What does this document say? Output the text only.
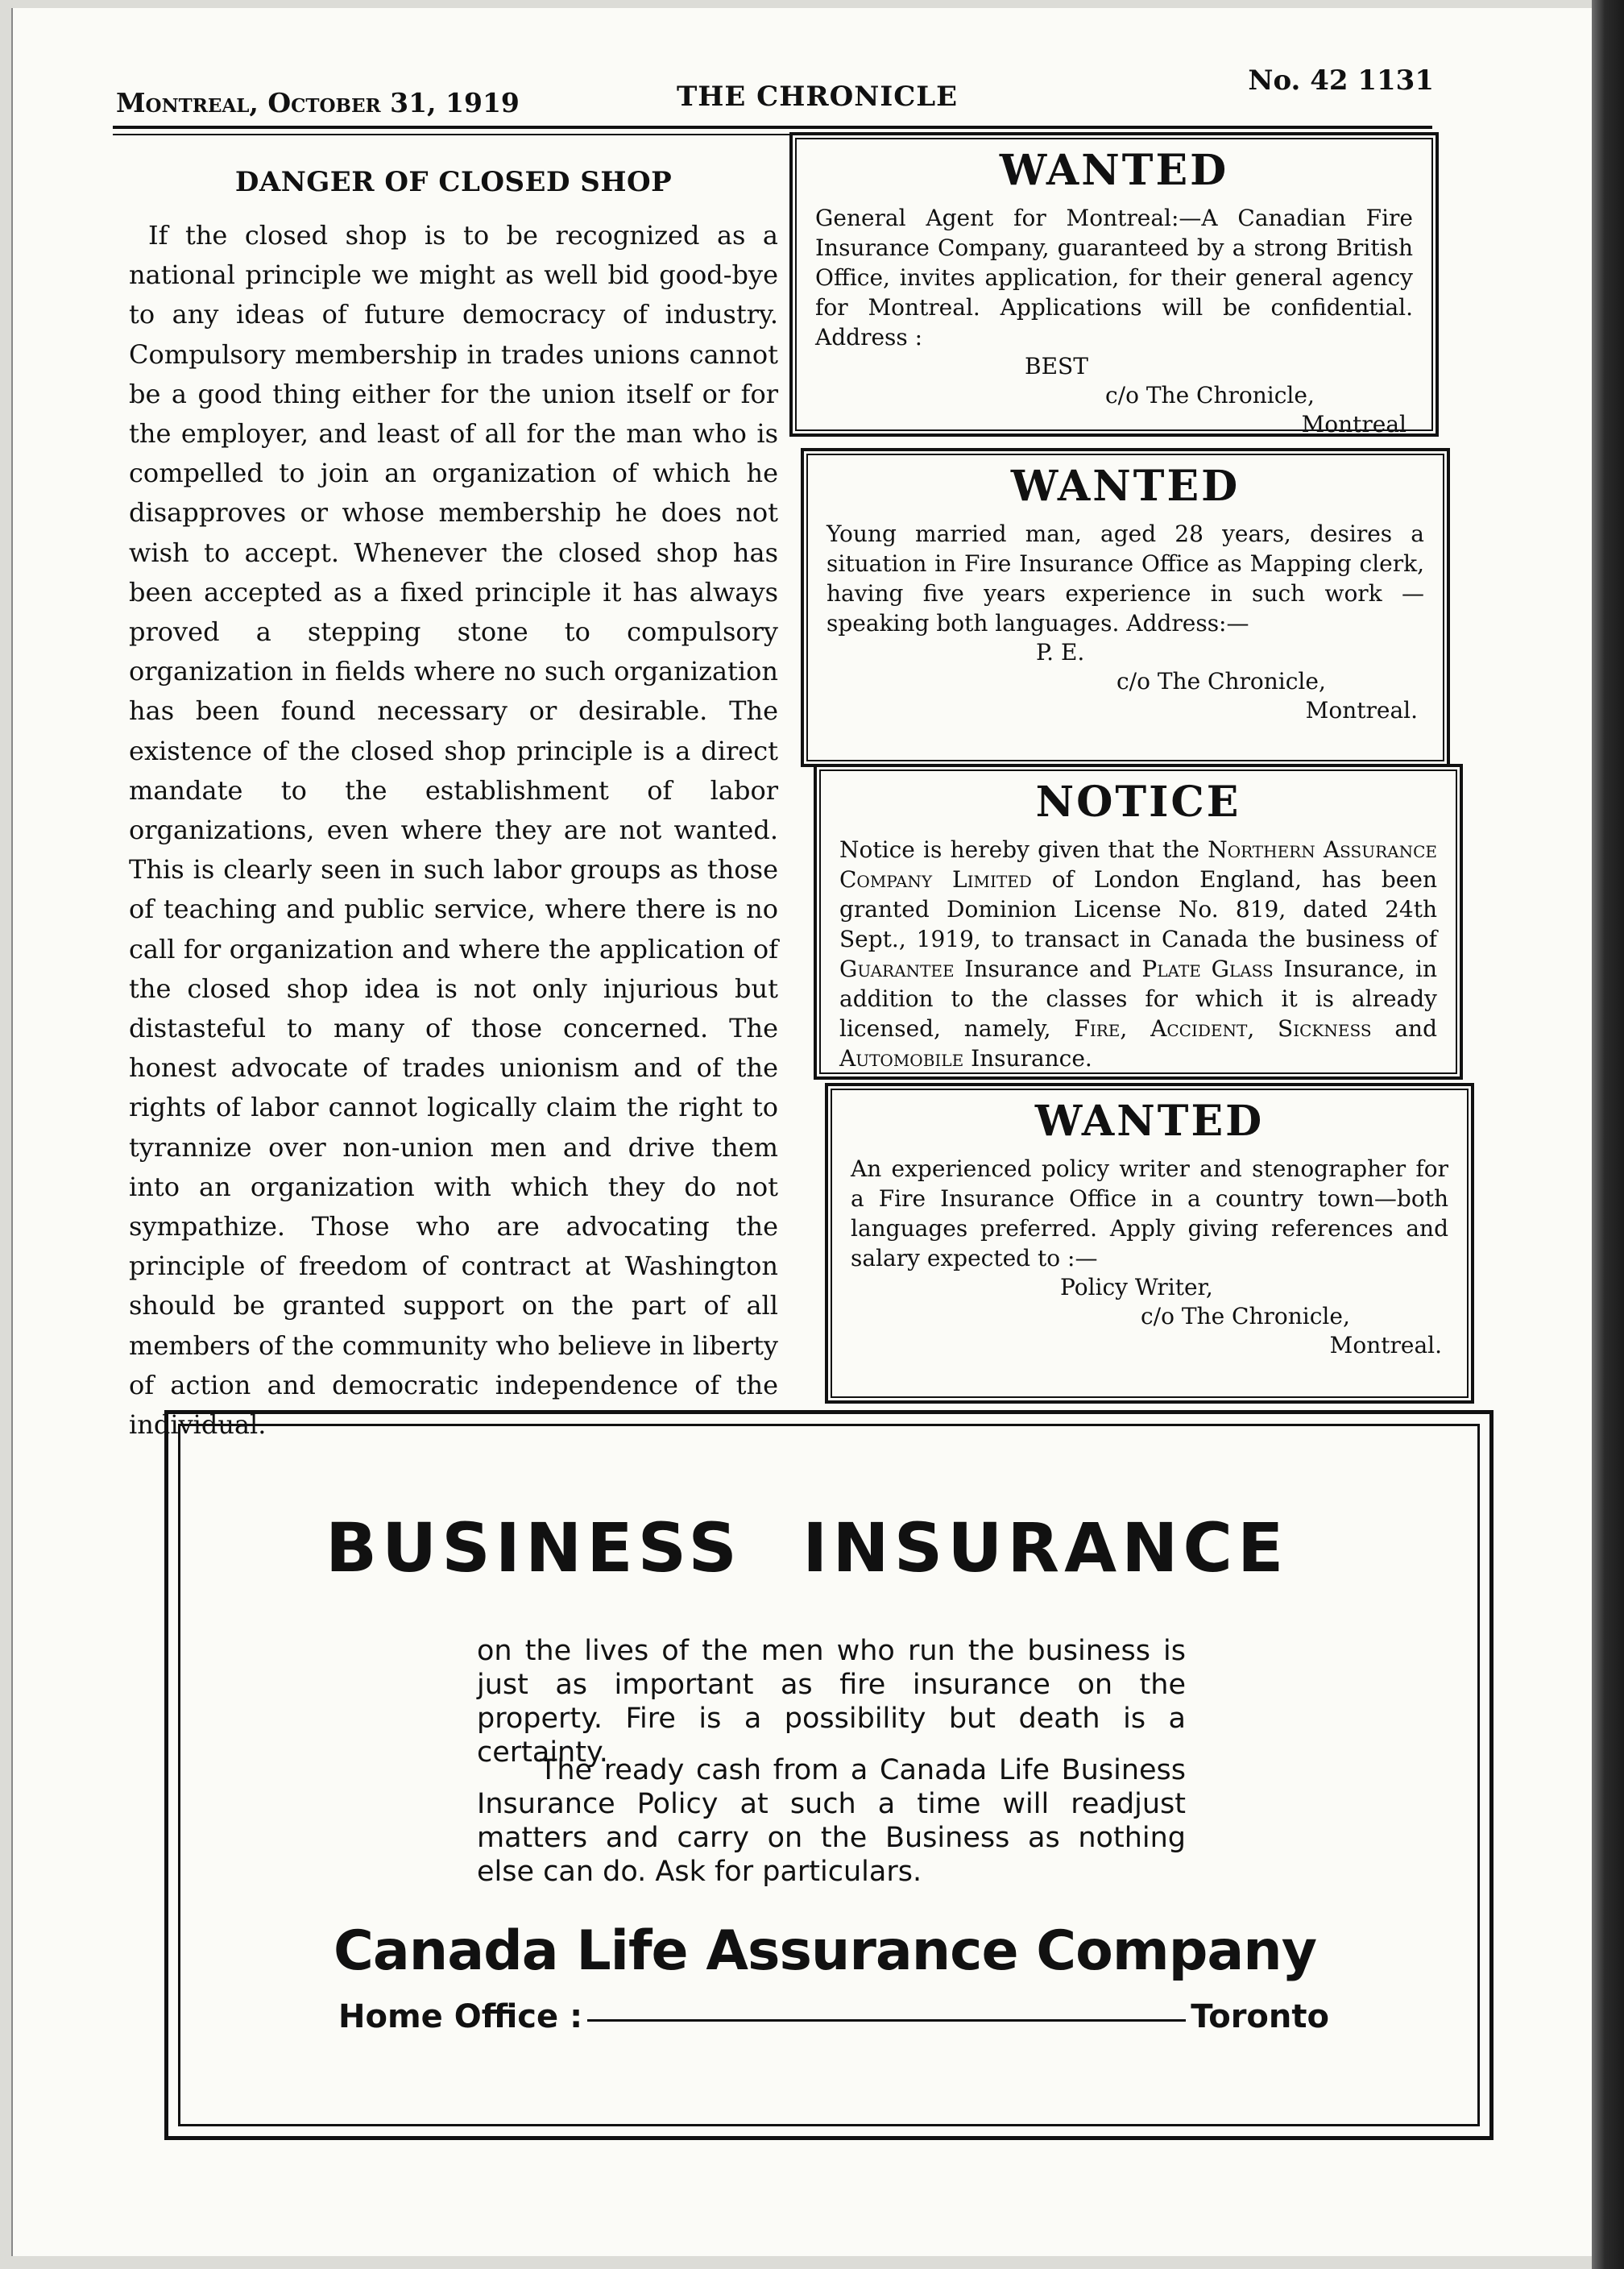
Montreal, October 31, 1919	THE CHRONICLE	No. 42 1131
DANGER OF CLOSED SHOP

If the closed shop is to be recognized as a national principle we might as well bid good-bye to any ideas of future democracy of industry. Compulsory membership in trades unions cannot be a good thing either for the union itself or for the employer, and least of all for the man who is compelled to join an organization of which he disapproves or whose membership he does not wish to accept. Whenever the closed shop has been accepted as a fixed principle it has always proved a stepping stone to compulsory organization in fields where no such organization has been found necessary or desirable. The existence of the closed shop principle is a direct mandate to the establishment of labor organizations, even where they are not wanted. This is clearly seen in such labor groups as those of teaching and public service, where there is no call for organization and where the application of the closed shop idea is not only injurious but distasteful to many of those concerned. The honest advocate of trades unionism and of the rights of labor cannot logically claim the right to tyrannize over non-union men and drive them into an organization with which they do not sympathize. Those who are advocating the principle of freedom of contract at Washington should be granted support on the part of all members of the community who believe in liberty of action and democratic independence of the individual.

WANTED

General Agent for Montreal:—A Canadian Fire Insurance Company, guaranteed by a strong British Office, invites application, for their general agency for Montreal. Applications will be confidential. Address :

BEST
c/o The Chronicle,
Montreal
WANTED

Young married man, aged 28 years, desires a situation in Fire Insurance Office as Mapping clerk, having five years experience in such work —speaking both languages. Address:—

P. E.
c/o The Chronicle,
Montreal.
NOTICE

Notice is hereby given that the Northern Assurance Company Limited of London England, has been granted Dominion License No. 819, dated 24th Sept., 1919, to transact in Canada the business of Guarantee Insurance and Plate Glass Insurance, in addition to the classes for which it is already licensed, namely, Fire, Accident, Sickness and Automobile Insurance.

WANTED

An experienced policy writer and stenographer for a Fire Insurance Office in a country town—both languages preferred. Apply giving references and salary expected to :—

Policy Writer,
c/o The Chronicle,
Montreal.
BUSINESS INSURANCE

on the lives of the men who run the business is just as important as fire insurance on the property. Fire is a possibility but death is a certainty.

The ready cash from a Canada Life Business Insurance Policy at such a time will readjust matters and carry on the Business as nothing else can do. Ask for particulars.

Canada Life Assurance Company
Home Office :	Toronto
